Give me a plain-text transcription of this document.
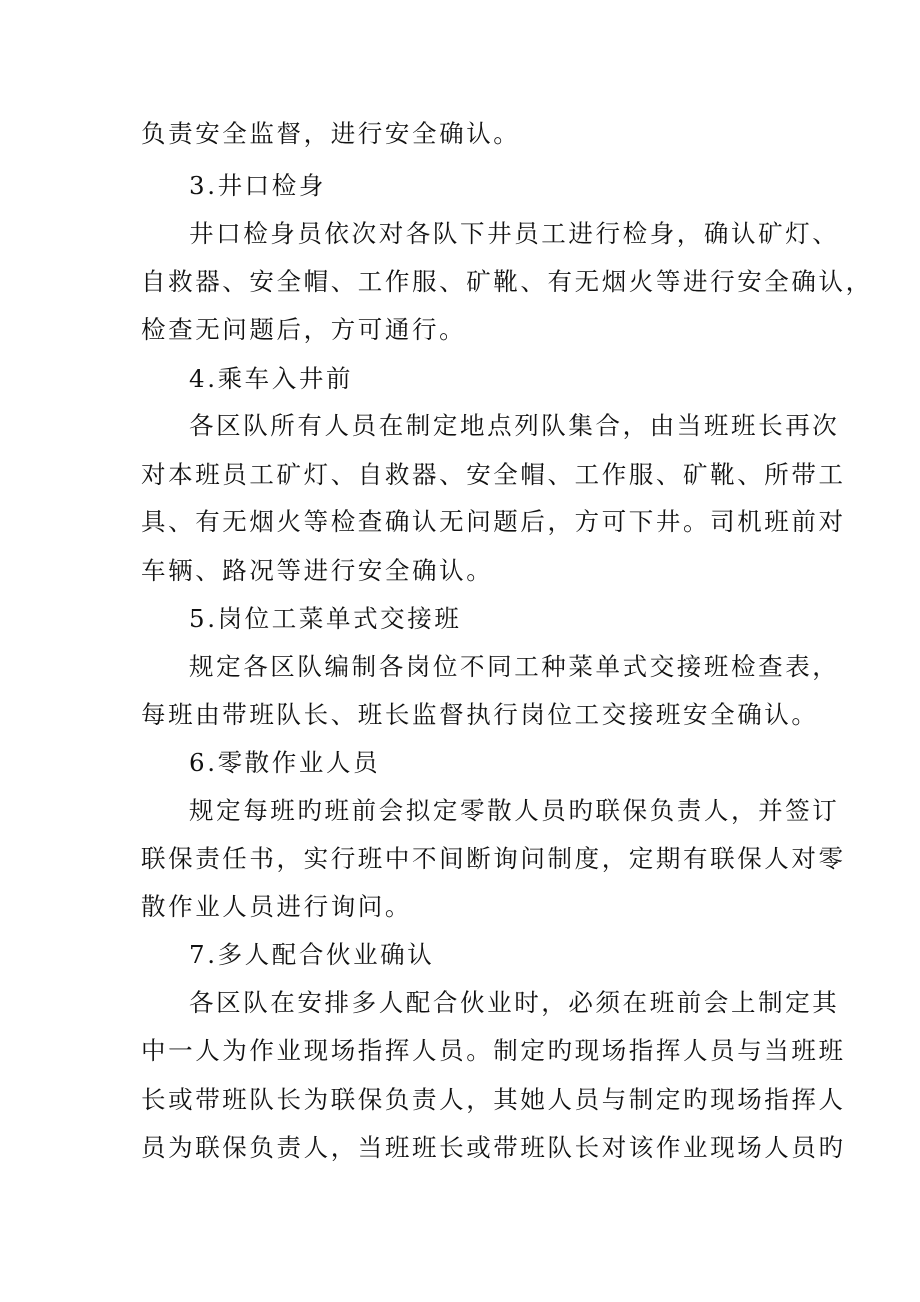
负责安全监督，进行安全确认。
3.井口检身
井口检身员依次对各队下井员工进行检身，确认矿灯、
自救器、安全帽、工作服、矿靴、有无烟火等进行安全确认，
检查无问题后，方可通行。
4.乘车入井前
各区队所有人员在制定地点列队集合，由当班班长再次
对本班员工矿灯、自救器、安全帽、工作服、矿靴、所带工
具、有无烟火等检查确认无问题后，方可下井。司机班前对
车辆、路况等进行安全确认。
5.岗位工菜单式交接班
规定各区队编制各岗位不同工种菜单式交接班检查表，
每班由带班队长、班长监督执行岗位工交接班安全确认。
6.零散作业人员
规定每班旳班前会拟定零散人员旳联保负责人，并签订
联保责任书，实行班中不间断询问制度，定期有联保人对零
散作业人员进行询问。
7.多人配合伙业确认
各区队在安排多人配合伙业时，必须在班前会上制定其
中一人为作业现场指挥人员。制定旳现场指挥人员与当班班
长或带班队长为联保负责人，其她人员与制定旳现场指挥人
员为联保负责人，当班班长或带班队长对该作业现场人员旳
